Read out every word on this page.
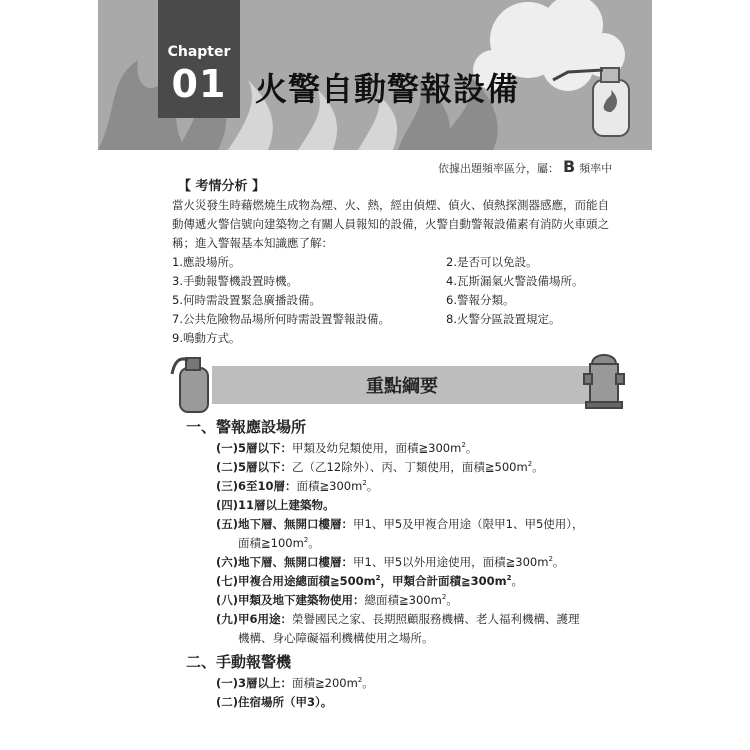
Chapter
01 火警自動警報設備
依據出題頻率區分，屬： B 頻率中
【 考情分析 】
當火災發生時藉燃燒生成物為煙、火、熱，經由偵煙、偵火、偵熱探測器感應，而能自動傳遞火警信號向建築物之有關人員報知的設備，火警自動警報設備素有消防火車頭之稱；進入警報基本知識應了解：
1.應設場所。	2.是否可以免設。
3.手動報警機設置時機。	4.瓦斯漏氣火警設備場所。
5.何時需設置緊急廣播設備。	6.警報分類。
7.公共危險物品場所何時需設置警報設備。	8.火警分區設置規定。
9.鳴動方式。
重點綱要
一、警報應設場所
(一)5層以下：甲類及幼兒類使用，面積$≧300m^2$。
(二)5層以下：乙（乙12除外）、丙、丁類使用，面積$≧500m^2$。
(三)6至10層：面積$≧300m^2$。
(四)11層以上建築物。
(五)地下層、無開口樓層：甲1、甲5及甲複合用途（限甲1、甲5使用），
面積$≧100m^2$。
(六)地下層、無開口樓層：甲1、甲5以外用途使用，面積$≧300m^2$。
(七)甲複合用途總面積$≧500m^2$，甲類合計面積$≧300m^2$。
(八)甲類及地下建築物使用：總面積$≧300m^2$。
(九)甲6用途：榮譽國民之家、長期照顧服務機構、老人福利機構、護理
機構、身心障礙福利機構使用之場所。
二、手動報警機
(一)3層以上：面積$≧200m^2$。
(二)住宿場所（甲3）。
